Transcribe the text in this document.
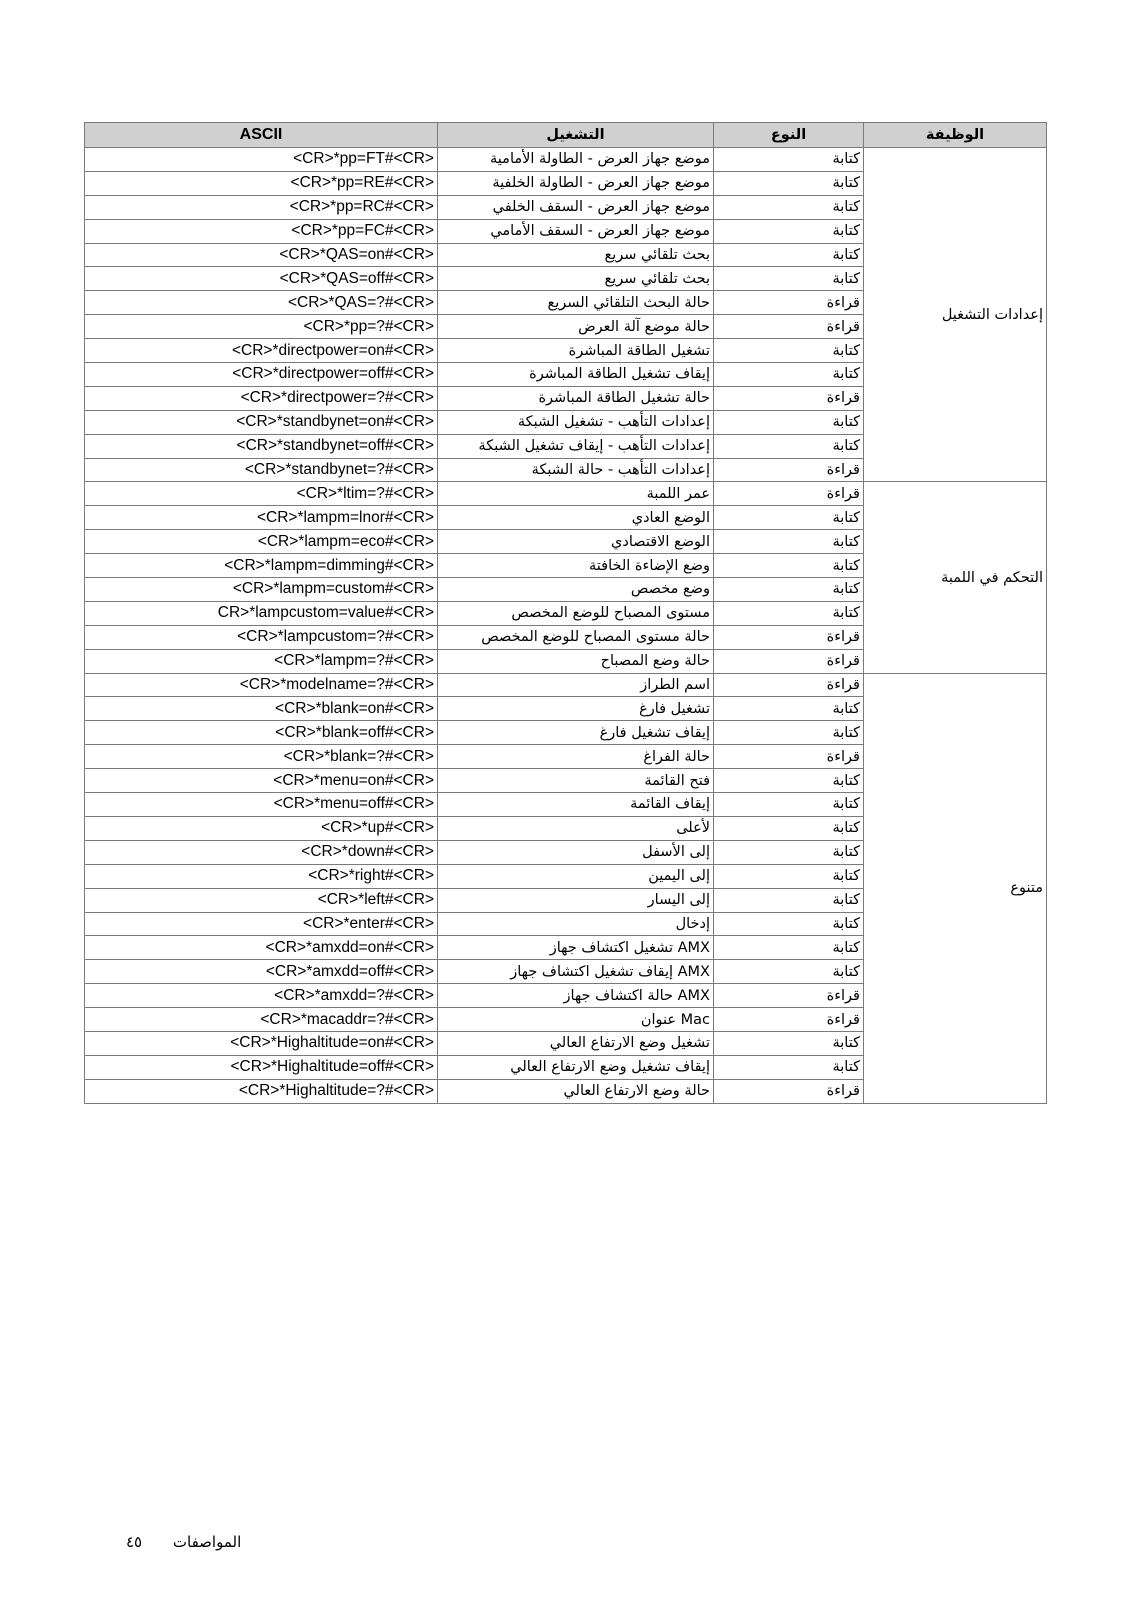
ASCII	التشغيل	النوع	الوظيفة
<CR>*pp=FT#<CR>	موضع جهاز العرض - الطاولة الأمامية	كتابة	إعدادات التشغيل
<CR>*pp=RE#<CR>	موضع جهاز العرض - الطاولة الخلفية	كتابة	
<CR>*pp=RC#<CR>	موضع جهاز العرض - السقف الخلفي	كتابة	
<CR>*pp=FC#<CR>	موضع جهاز العرض - السقف الأمامي	كتابة	
<CR>*QAS=on#<CR>	بحث تلقائي سريع	كتابة	
<CR>*QAS=off#<CR>	بحث تلقائي سريع	كتابة	
<CR>*QAS=?#<CR>	حالة البحث التلقائي السريع	قراءة	
<CR>*pp=?#<CR>	حالة موضع آلة العرض	قراءة	
<CR>*directpower=on#<CR>	تشغيل الطاقة المباشرة	كتابة	
<CR>*directpower=off#<CR>	إيقاف تشغيل الطاقة المباشرة	كتابة	
<CR>*directpower=?#<CR>	حالة تشغيل الطاقة المباشرة	قراءة	
<CR>*standbynet=on#<CR>	إعدادات التأهب - تشغيل الشبكة	كتابة	
<CR>*standbynet=off#<CR>	إعدادات التأهب - إيقاف تشغيل الشبكة	كتابة	
<CR>*standbynet=?#<CR>	إعدادات التأهب - حالة الشبكة	قراءة	
<CR>*ltim=?#<CR>	عمر اللمبة	قراءة	التحكم في اللمبة
<CR>*lampm=lnor#<CR>	الوضع العادي	كتابة	
<CR>*lampm=eco#<CR>	الوضع الاقتصادي	كتابة	
<CR>*lampm=dimming#<CR>	وضع الإضاءة الخافتة	كتابة	
<CR>*lampm=custom#<CR>	وضع مخصص	كتابة	
CR>*lampcustom=value#<CR>	مستوى المصباح للوضع المخصص	كتابة	
<CR>*lampcustom=?#<CR>	حالة مستوى المصباح للوضع المخصص	قراءة	
<CR>*lampm=?#<CR>	حالة وضع المصباح	قراءة	
<CR>*modelname=?#<CR>	اسم الطراز	قراءة	متنوع
<CR>*blank=on#<CR>	تشغيل فارغ	كتابة	
<CR>*blank=off#<CR>	إيقاف تشغيل فارغ	كتابة	
<CR>*blank=?#<CR>	حالة الفراغ	قراءة	
<CR>*menu=on#<CR>	فتح القائمة	كتابة	
<CR>*menu=off#<CR>	إيقاف القائمة	كتابة	
<CR>*up#<CR>	لأعلى	كتابة	
<CR>*down#<CR>	إلى الأسفل	كتابة	
<CR>*right#<CR>	إلى اليمين	كتابة	
<CR>*left#<CR>	إلى اليسار	كتابة	
<CR>*enter#<CR>	إدخال	كتابة	
<CR>*amxdd=on#<CR>	تشغيل اكتشاف جهاز AMX	كتابة	
<CR>*amxdd=off#<CR>	إيقاف تشغيل اكتشاف جهاز AMX	كتابة	
<CR>*amxdd=?#<CR>	حالة اكتشاف جهاز AMX	قراءة	
<CR>*macaddr=?#<CR>	عنوان Mac	قراءة	
<CR>*Highaltitude=on#<CR>	تشغيل وضع الارتفاع العالي	كتابة	
<CR>*Highaltitude=off#<CR>	إيقاف تشغيل وضع الارتفاع العالي	كتابة	
<CR>*Highaltitude=?#<CR>	حالة وضع الارتفاع العالي	قراءة	
المواصفات ٤٥
